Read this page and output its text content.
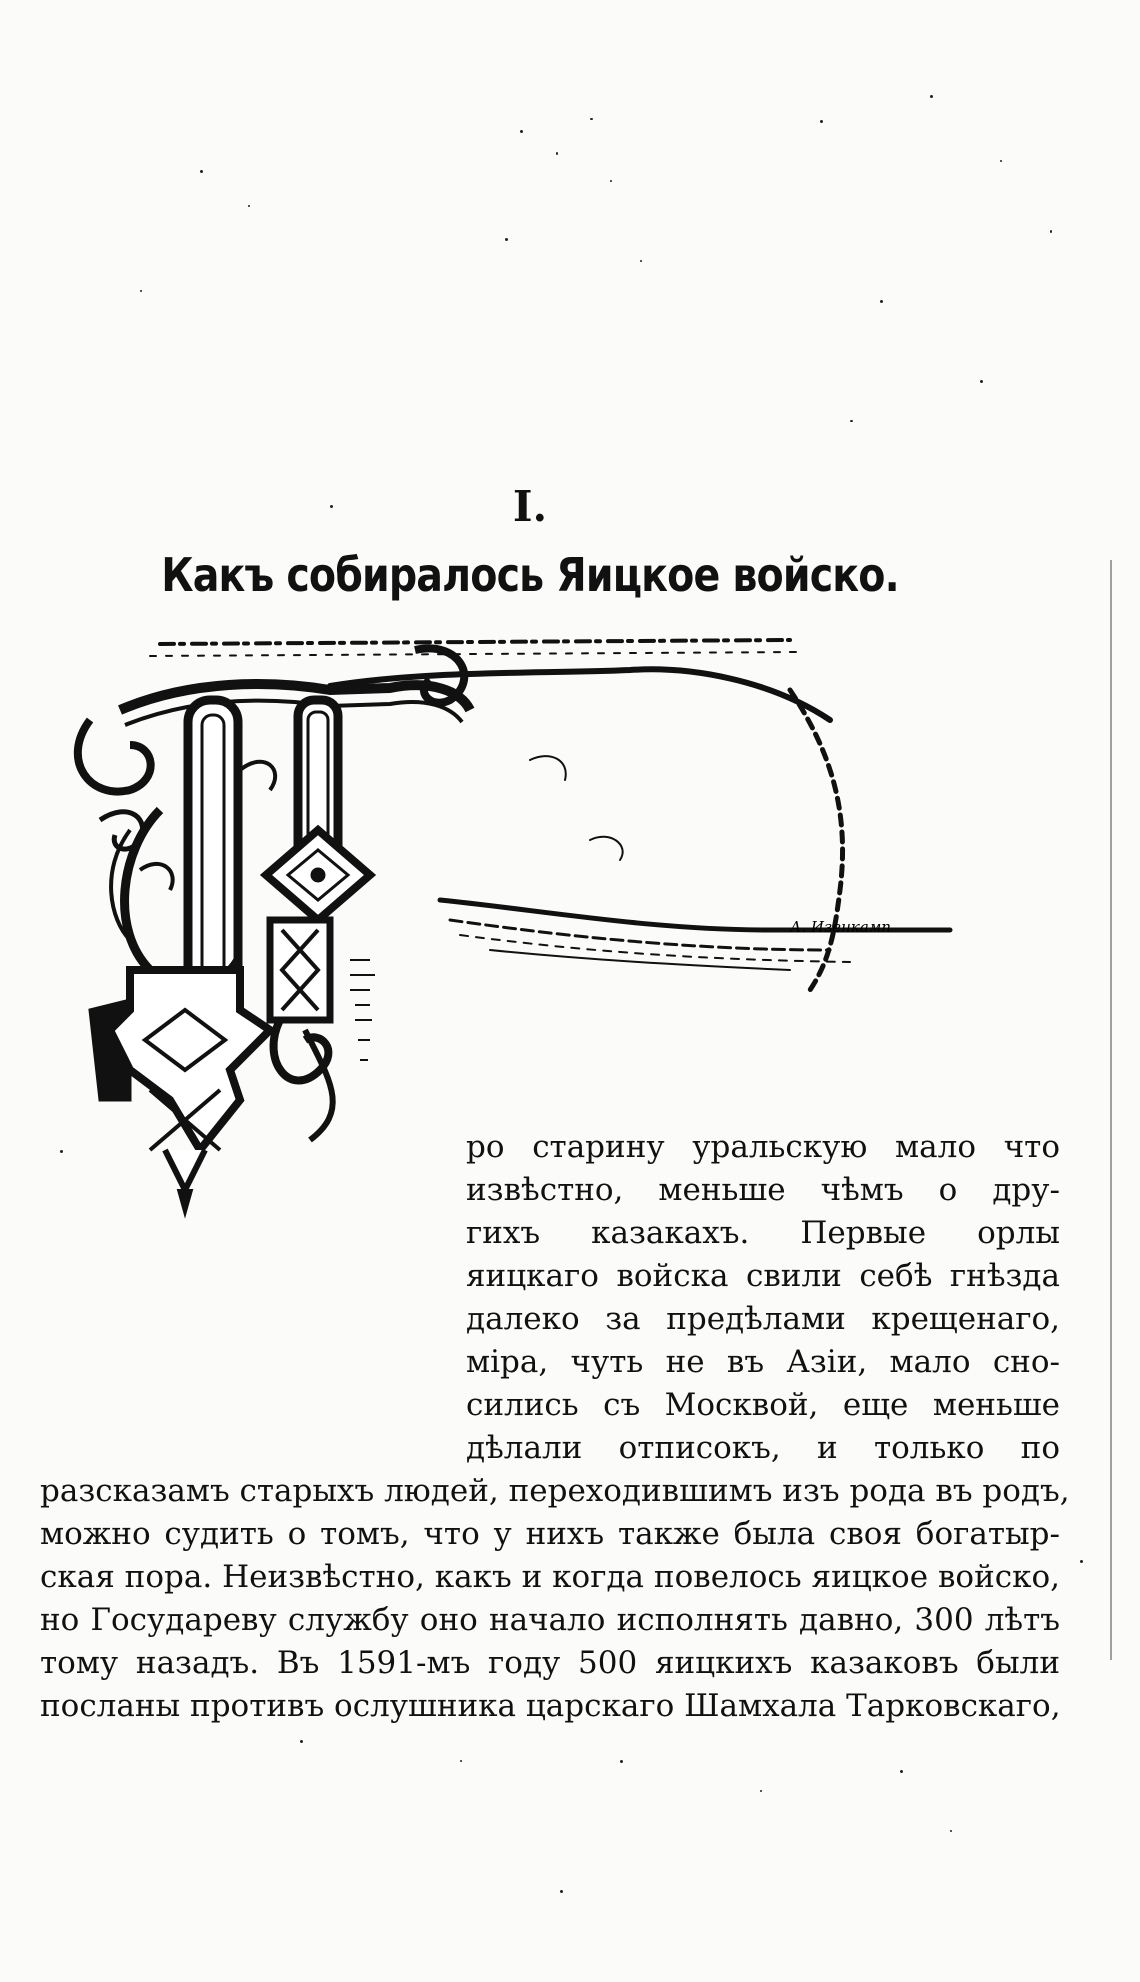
I.
Какъ собиралось Яицкое войско.
А. Изенкамп
ро старину уральскую мало что
извѣстно, меньше чѣмъ о дру-
гихъ казакахъ. Первые орлы
яицкаго войска свили себѣ гнѣзда
далеко за предѣлами крещенаго,
міра, чуть не въ Азіи, мало сно-
сились съ Москвой, еще меньше
дѣлали отписокъ, и только по
разсказамъ старыхъ людей, переходившимъ изъ рода въ родъ,
можно судить о томъ, что у нихъ также была своя богатыр-
ская пора. Неизвѣстно, какъ и когда повелось яицкое войско,
но Государеву службу оно начало исполнять давно, 300 лѣтъ
тому назадъ. Въ 1591-мъ году 500 яицкихъ казаковъ были
посланы противъ ослушника царскаго Шамхала Тарковскаго,
